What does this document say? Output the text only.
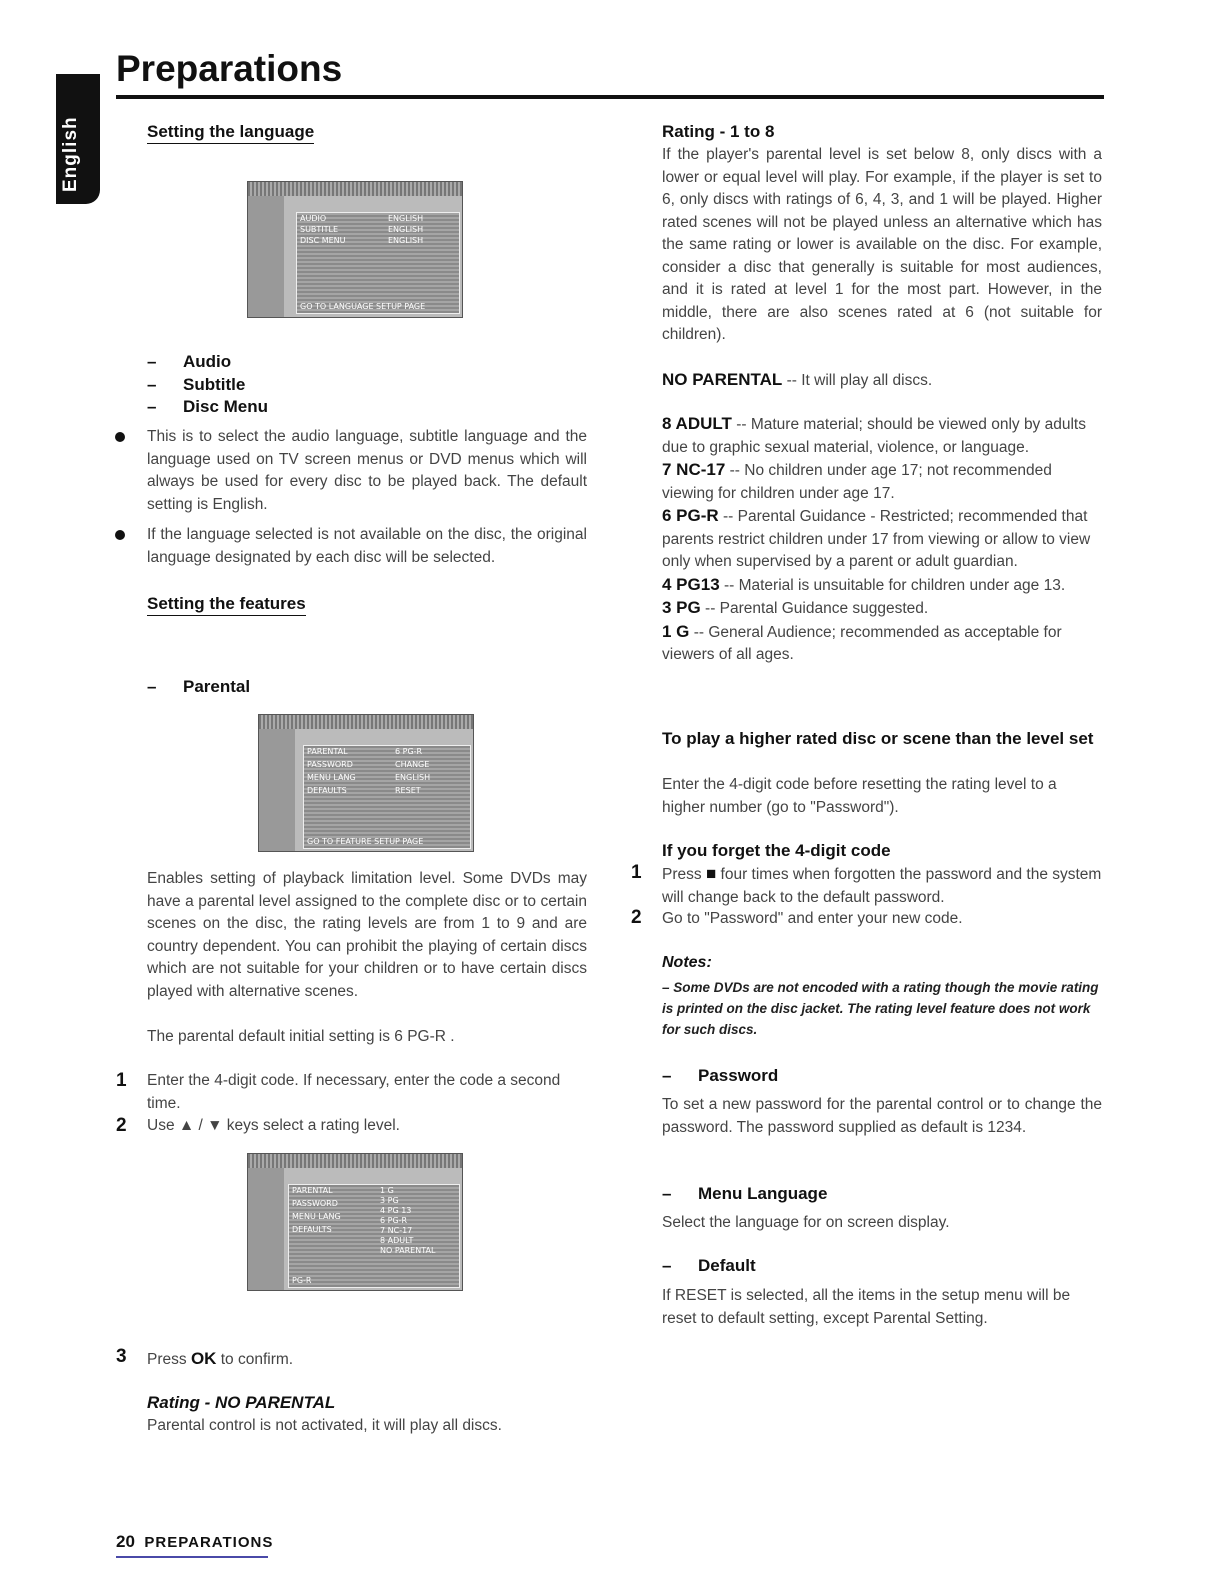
English
Preparations
Setting the language
AUDIO
SUBTITLE
DISC MENU
ENGLISH
ENGLISH
ENGLISH
GO TO LANGUAGE SETUP PAGE
– Audio
– Subtitle
– Disc Menu

This is to select the audio language, subtitle language and the language used on TV screen menus or DVD menus which will always be used for every disc to be played back. The default setting is English.

If the language selected is not available on the disc, the original language designated by each disc will be selected.

Setting the features
– Parental
PARENTAL
PASSWORD
MENU LANG
DEFAULTS
6 PG-R
CHANGE
ENGLISH
RESET
GO TO FEATURE SETUP PAGE

Enables setting of playback limitation level. Some DVDs may have a parental level assigned to the complete disc or to certain scenes on the disc, the rating levels are from 1 to 9 and are country dependent. You can prohibit the playing of certain discs which are not suitable for your children or to have certain discs played with alternative scenes.

The parental default initial setting is 6 PG-R .

1 Enter the 4-digit code. If necessary, enter the code a second time.

2 Use ▲ / ▼ keys select a rating level.

PARENTAL
PASSWORD
MENU LANG
DEFAULTS
1 G
3 PG
4 PG 13
6 PG-R
7 NC-17
8 ADULT
NO PARENTAL
PG-R
3 Press OK to confirm.

Rating - NO PARENTAL

Parental control is not activated, it will play all discs.

Rating - 1 to 8

If the player's parental level is set below 8, only discs with a lower or equal level will play. For example, if the player is set to 6, only discs with ratings of 6, 4, 3, and 1 will be played. Higher rated scenes will not be played unless an alternative which has the same rating or lower is available on the disc. For example, consider a disc that generally is suitable for most audiences, and it is rated at level 1 for the most part. However, in the middle, there are also scenes rated at 6 (not suitable for children).

NO PARENTAL -- It will play all discs.

8 ADULT -- Mature material; should be viewed only by adults due to graphic sexual material, violence, or language.

7 NC-17 -- No children under age 17; not recommended viewing for children under age 17.

6 PG-R -- Parental Guidance - Restricted; recommended that parents restrict children under 17 from viewing or allow to view only when supervised by a parent or adult guardian.

4 PG13 -- Material is unsuitable for children under age 13.

3 PG -- Parental Guidance suggested.

1 G -- General Audience; recommended as acceptable for viewers of all ages.

To play a higher rated disc or scene than the level set

Enter the 4-digit code before resetting the rating level to a higher number (go to "Password").

If you forget the 4-digit code
1 Press ■ four times when forgotten the password and the system will change back to the default password.

2 Go to "Password" and enter your new code.

Notes:

– Some DVDs are not encoded with a rating though the movie rating is printed on the disc jacket. The rating level feature does not work for such discs.

– Password

To set a new password for the parental control or to change the password. The password supplied as default is 1234.

– Menu Language

Select the language for on screen display.

– Default

If RESET is selected, all the items in the setup menu will be reset to default setting, except Parental Setting.

20 PREPARATIONS
